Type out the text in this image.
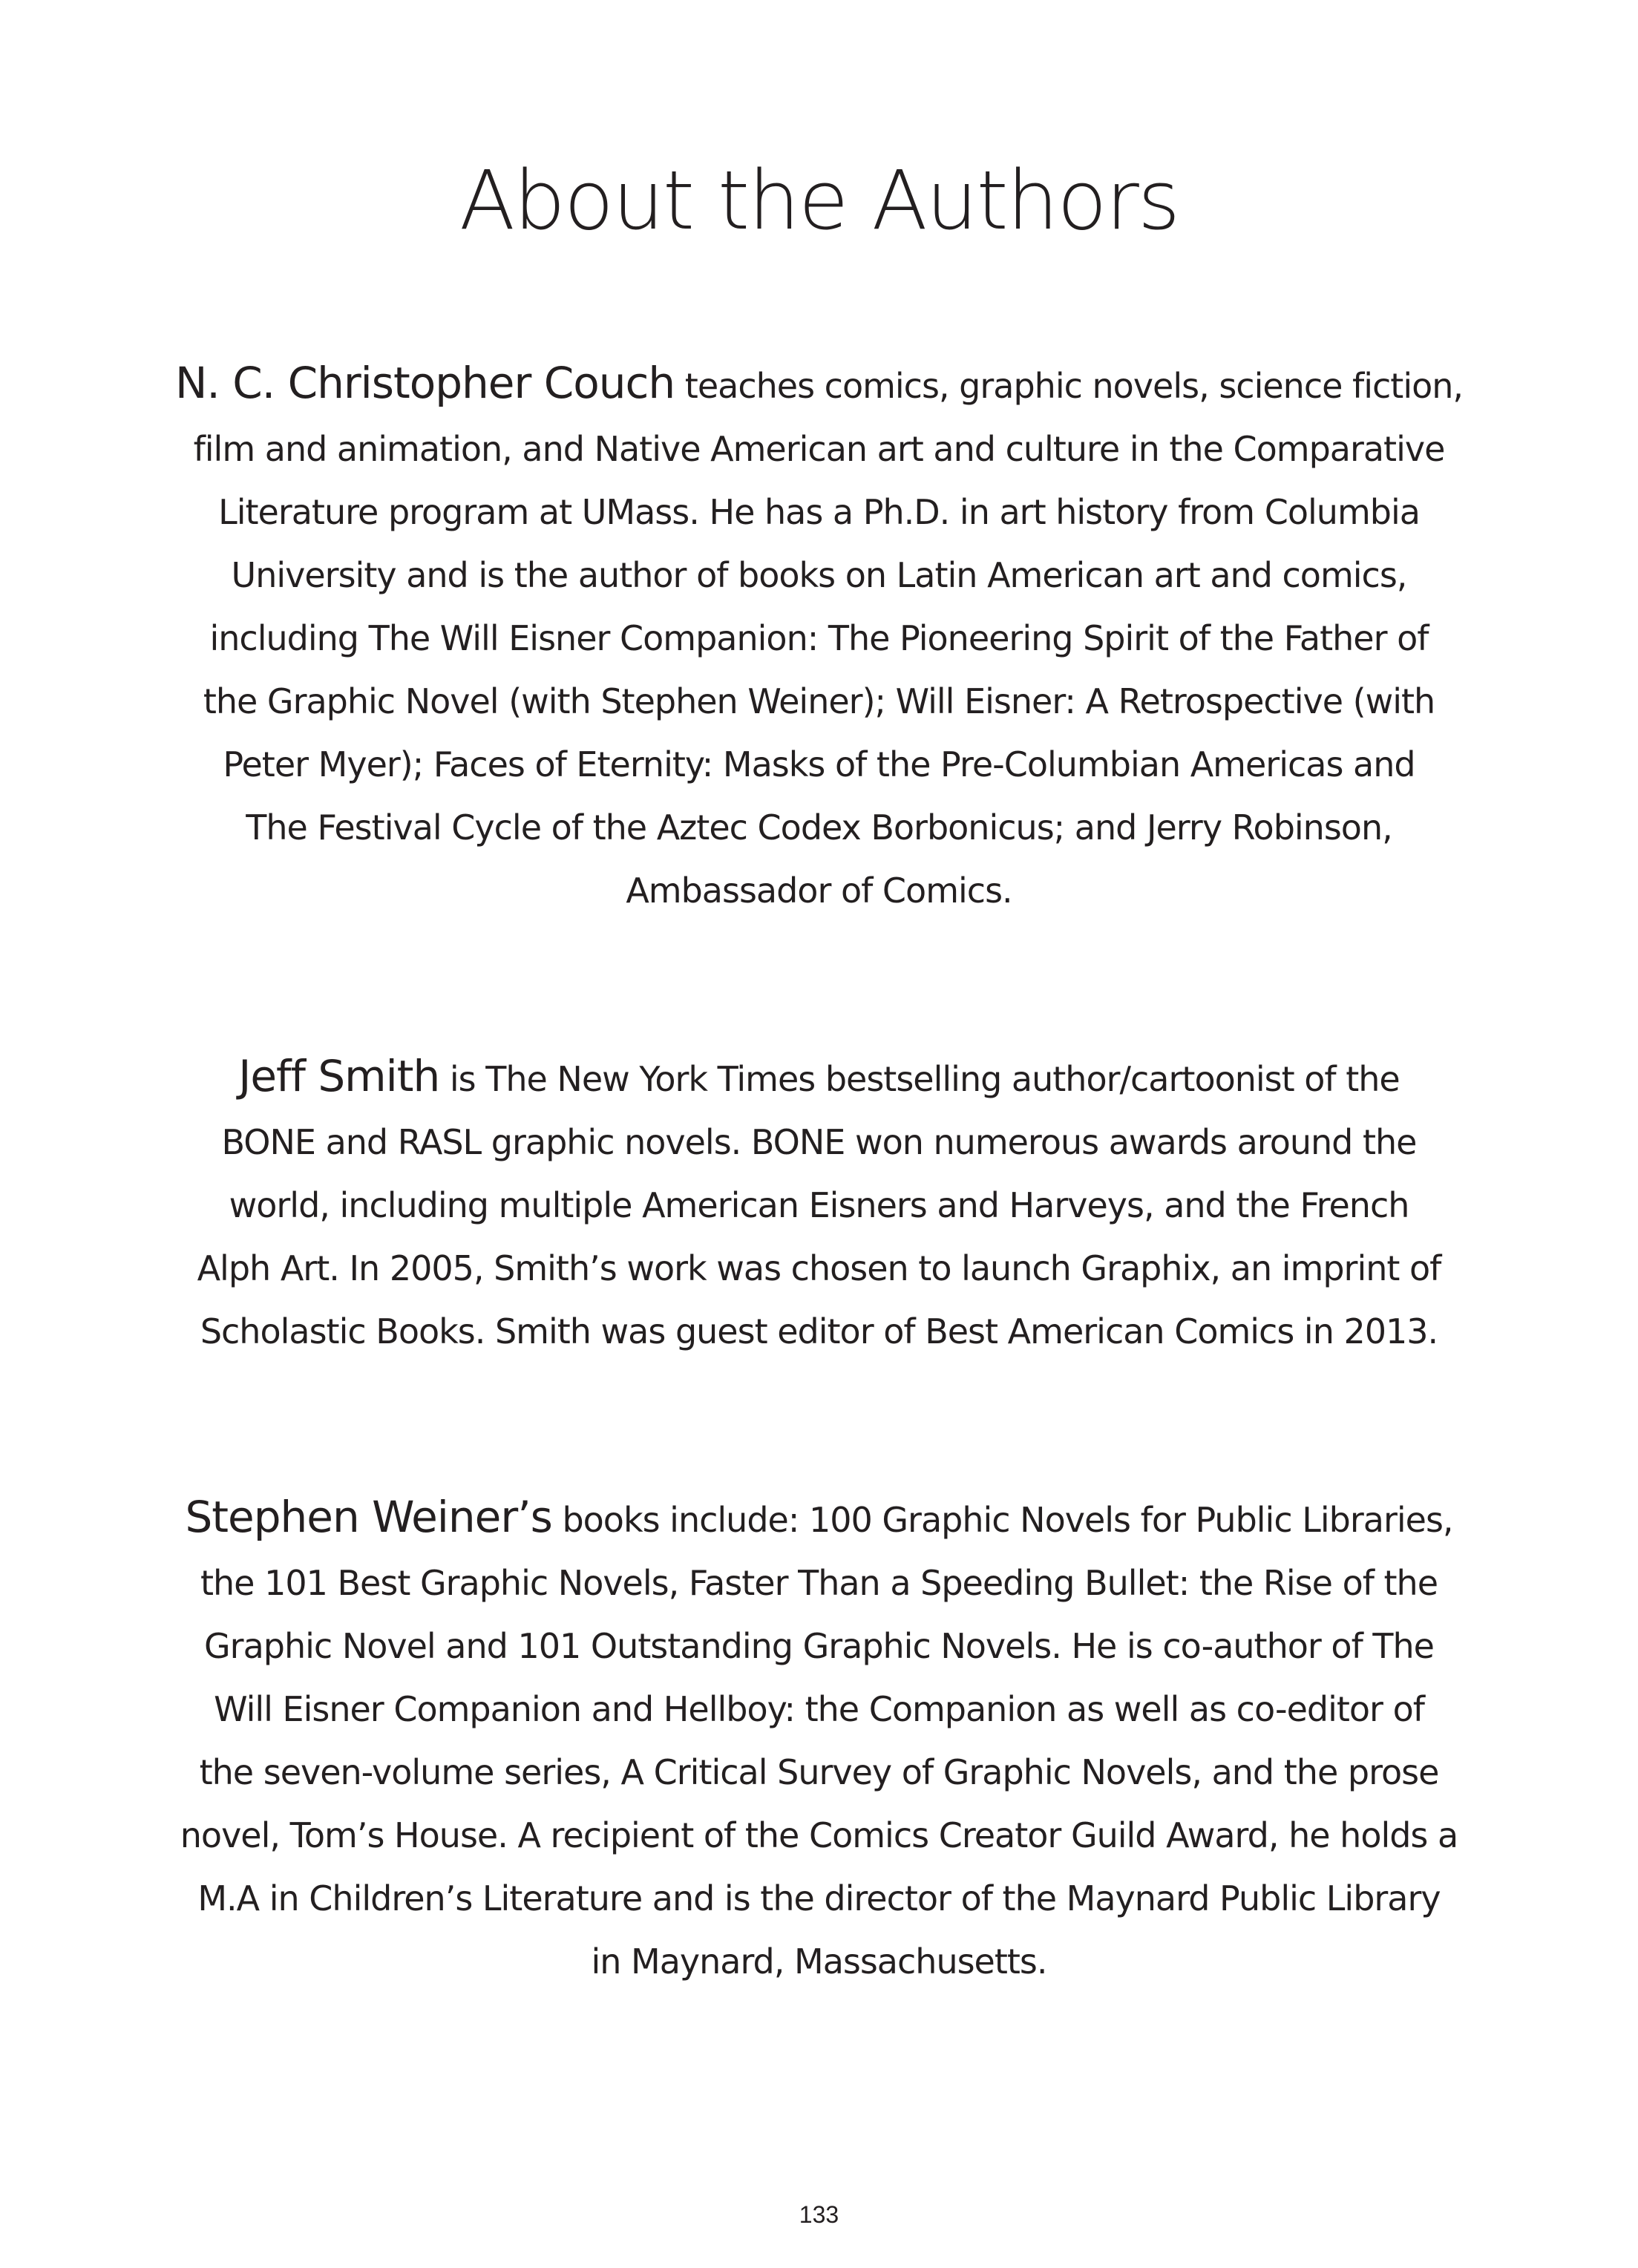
About the Authors
N. C. Christopher Couch teaches comics, graphic novels, science fiction,
film and animation, and Native American art and culture in the Comparative
Literature program at UMass. He has a Ph.D. in art history from Columbia
University and is the author of books on Latin American art and comics,
including The Will Eisner Companion: The Pioneering Spirit of the Father of
the Graphic Novel (with Stephen Weiner); Will Eisner: A Retrospective (with
Peter Myer); Faces of Eternity: Masks of the Pre-Columbian Americas and
The Festival Cycle of the Aztec Codex Borbonicus; and Jerry Robinson,
Ambassador of Comics.
Jeff Smith is The New York Times bestselling author/cartoonist of the
BONE and RASL graphic novels. BONE won numerous awards around the
world, including multiple American Eisners and Harveys, and the French
Alph Art. In 2005, Smith’s work was chosen to launch Graphix, an imprint of
Scholastic Books. Smith was guest editor of Best American Comics in 2013.
Stephen Weiner’s books include: 100 Graphic Novels for Public Libraries,
the 101 Best Graphic Novels, Faster Than a Speeding Bullet: the Rise of the
Graphic Novel and 101 Outstanding Graphic Novels. He is co-author of The
Will Eisner Companion and Hellboy: the Companion as well as co-editor of
the seven-volume series, A Critical Survey of Graphic Novels, and the prose
novel, Tom’s House. A recipient of the Comics Creator Guild Award, he holds a
M.A in Children’s Literature and is the director of the Maynard Public Library
in Maynard, Massachusetts.
133
